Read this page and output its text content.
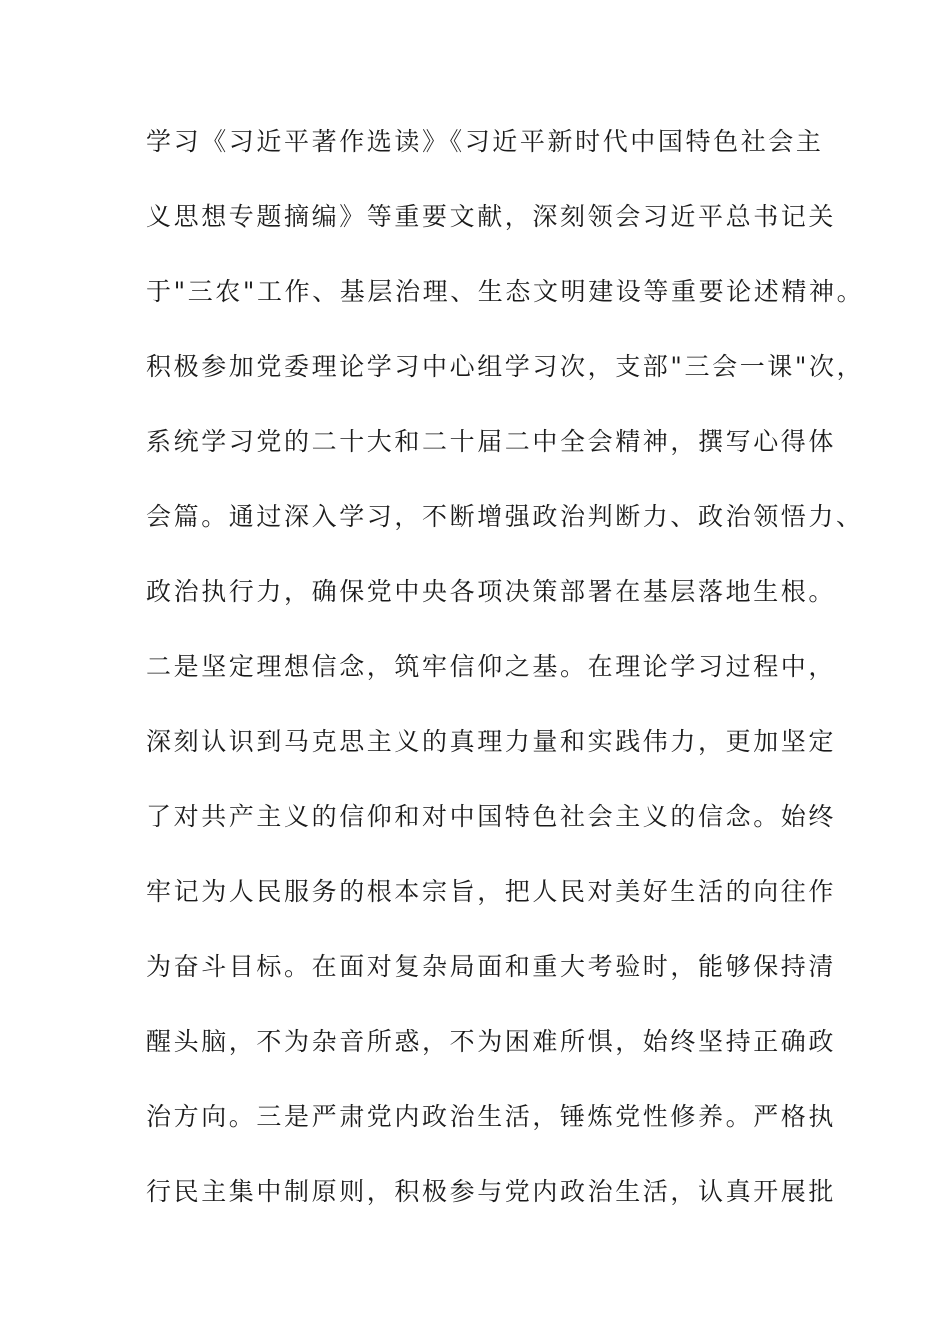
学习《习近平著作选读》《习近平新时代中国特色社会主
义思想专题摘编》等重要文献，深刻领会习近平总书记关
于"三农"工作、基层治理、生态文明建设等重要论述精神。
积极参加党委理论学习中心组学习次，支部"三会一课"次，
系统学习党的二十大和二十届二中全会精神，撰写心得体
会篇。通过深入学习，不断增强政治判断力、政治领悟力、
政治执行力，确保党中央各项决策部署在基层落地生根。
二是坚定理想信念，筑牢信仰之基。在理论学习过程中，
深刻认识到马克思主义的真理力量和实践伟力，更加坚定
了对共产主义的信仰和对中国特色社会主义的信念。始终
牢记为人民服务的根本宗旨，把人民对美好生活的向往作
为奋斗目标。在面对复杂局面和重大考验时，能够保持清
醒头脑，不为杂音所惑，不为困难所惧，始终坚持正确政
治方向。三是严肃党内政治生活，锤炼党性修养。严格执
行民主集中制原则，积极参与党内政治生活，认真开展批
